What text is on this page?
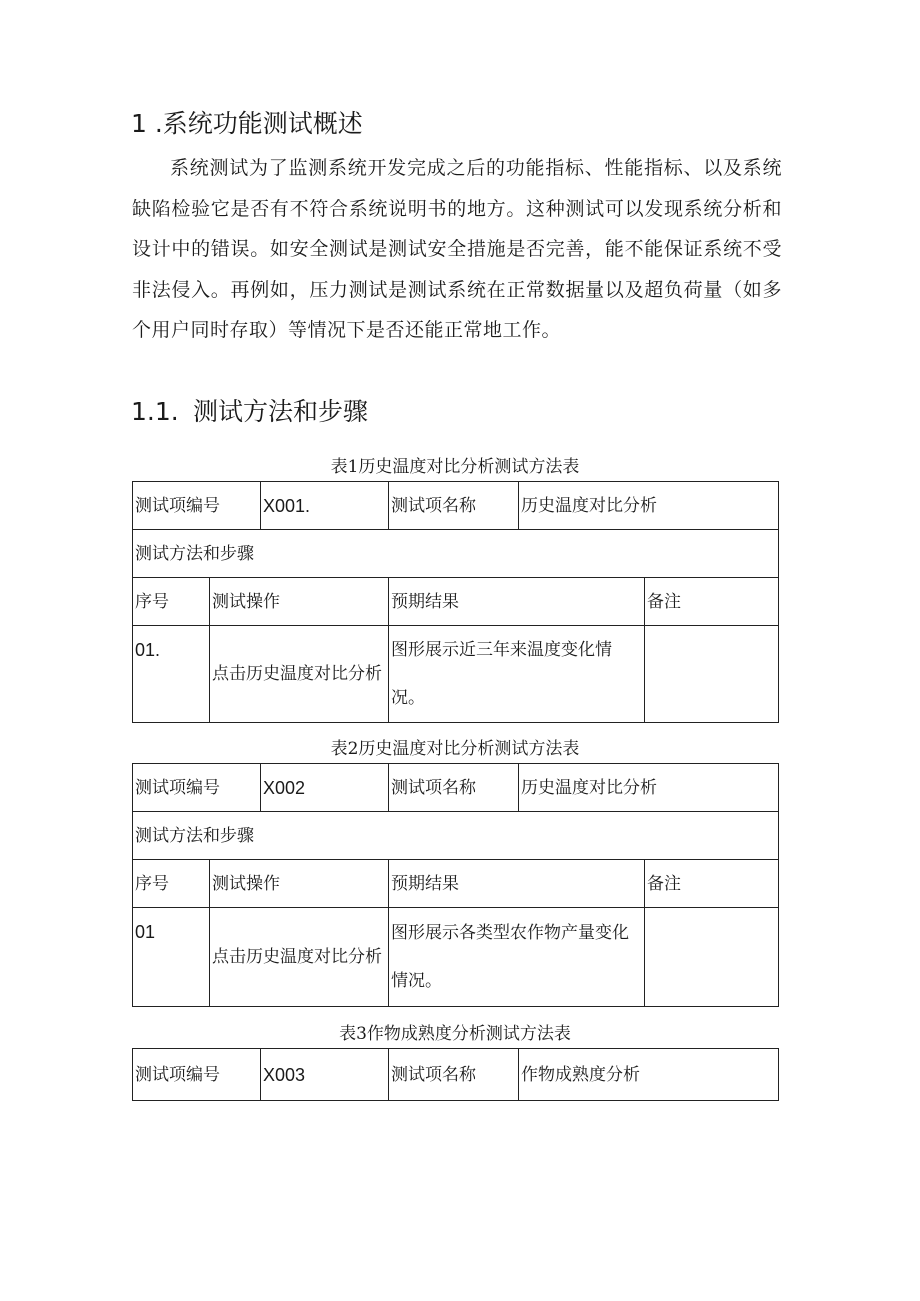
1 .系统功能测试概述

系统测试为了监测系统开发完成之后的功能指标、性能指标、以及系统缺陷检验它是否有不符合系统说明书的地方。这种测试可以发现系统分析和设计中的错误。如安全测试是测试安全措施是否完善，能不能保证系统不受非法侵入。再例如，压力测试是测试系统在正常数据量以及超负荷量（如多个用户同时存取）等情况下是否还能正常地工作。

1.1. 测试方法和步骤
表1历史温度对比分析测试方法表
测试项编号		X001.	测试项名称	历史温度对比分析	
测试方法和步骤					
序号	测试操作		预期结果		备注
01.	点击历史温度对比分析		图形展示近三年来温度变化情况。		
表2历史温度对比分析测试方法表
测试项编号		X002	测试项名称	历史温度对比分析	
测试方法和步骤					
序号	测试操作		预期结果		备注
01	点击历史温度对比分析		图形展示各类型农作物产量变化情况。		
表3作物成熟度分析测试方法表
测试项编号	X003	测试项名称	作物成熟度分析
